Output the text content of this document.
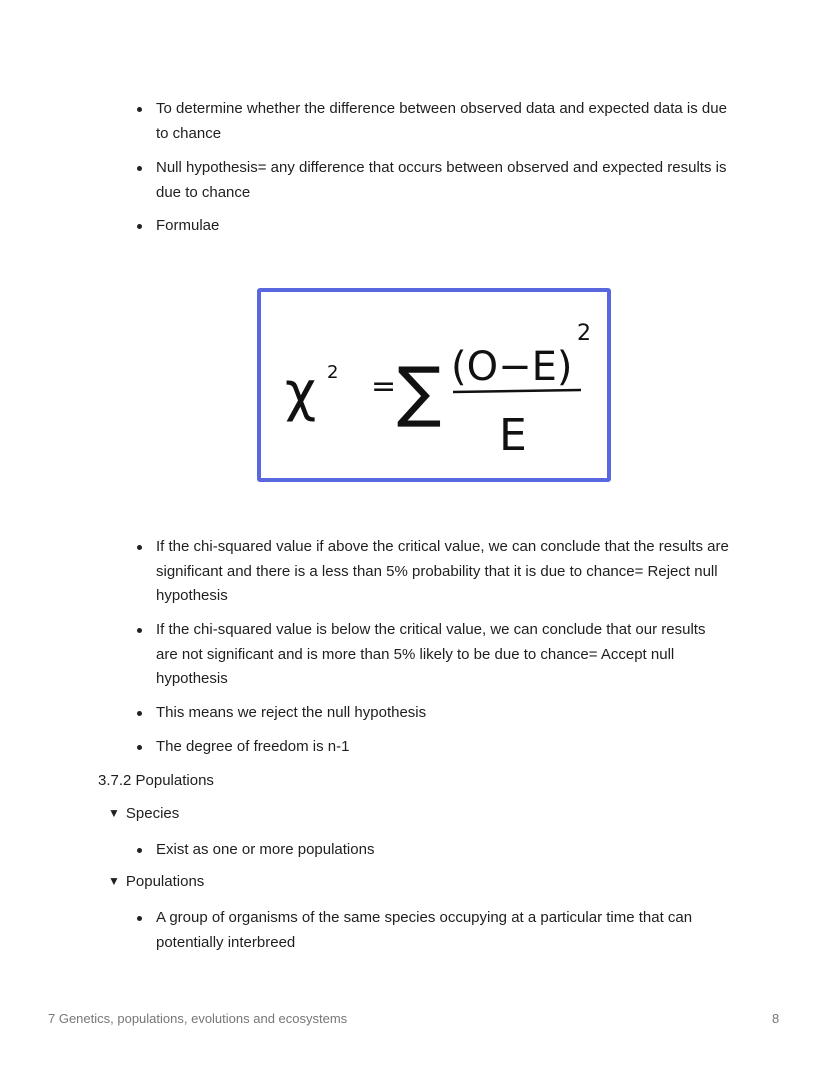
To determine whether the difference between observed data and expected data is due to chance
Null hypothesis= any difference that occurs between observed and expected results is due to chance
Formulae
χ 2 = ∑ (O−E)
2
E
If the chi-squared value if above the critical value, we can conclude that the results are significant and there is a less than 5% probability that it is due to chance= Reject null hypothesis
If the chi-squared value is below the critical value, we can conclude that our results are not significant and is more than 5% likely to be due to chance= Accept null hypothesis
This means we reject the null hypothesis
The degree of freedom is n-1
3.7.2 Populations
▼ Species
Exist as one or more populations
▼ Populations
A group of organisms of the same species occupying at a particular time that can potentially interbreed
7 Genetics, populations, evolutions and ecosystems	8
